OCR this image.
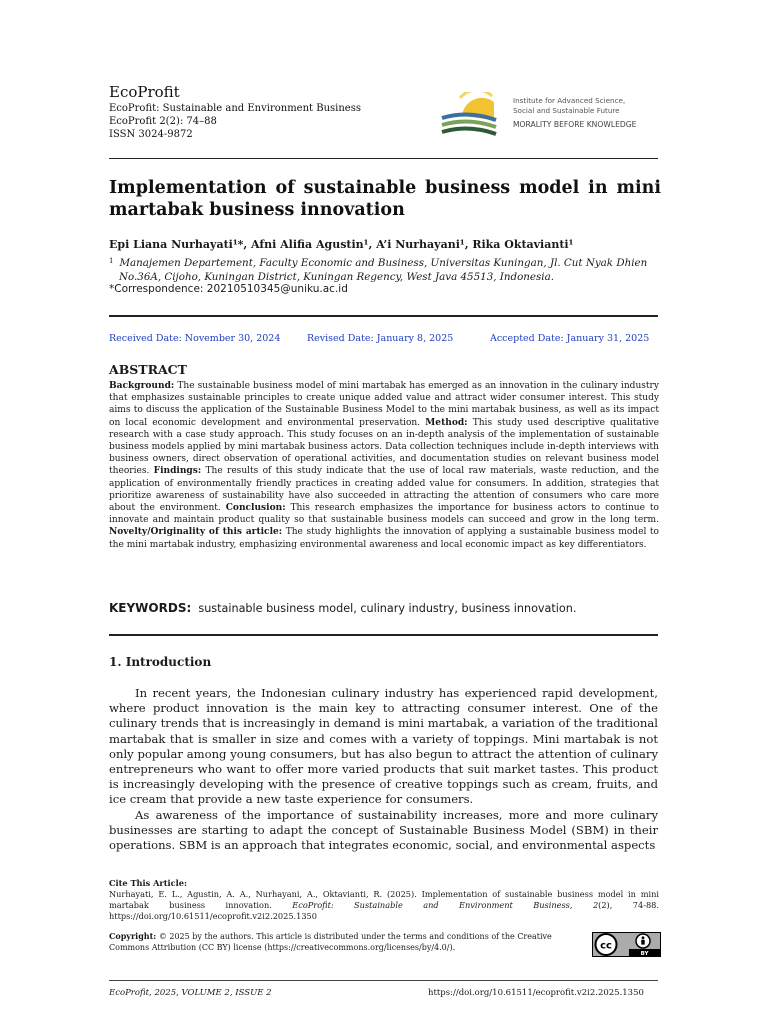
EcoProfit
EcoProfit: Sustainable and Environment Business
EcoProfit 2(2): 74–88
ISSN 3024-9872
Institute for Advanced Science,
Social and Sustainable Future
MORALITY BEFORE KNOWLEDGE
Implementation of sustainable business model in mini martabak business innovation
Epi Liana Nurhayati¹*, Afni Alifia Agustin¹, A’i Nurhayani¹, Rika Oktavianti¹
$^1$ Manajemen Departement, Faculty Economic and Business, Universitas Kuningan, Jl. Cut Nyak Dhien
No.36A, Cijoho, Kuningan District, Kuningan Regency, West Java 45513, Indonesia.
*Correspondence: 20210510345@uniku.ac.id
Received Date: November 30, 2024	Revised Date: January 8, 2025	Accepted Date: January 31, 2025
ABSTRACT
Background: The sustainable business model of mini martabak has emerged as an innovation in the culinary industry that emphasizes sustainable principles to create unique added value and attract wider consumer interest. This study aims to discuss the application of the Sustainable Business Model to the mini martabak business, as well as its impact on local economic development and environmental preservation. Method: This study used descriptive qualitative research with a case study approach. This study focuses on an in-depth analysis of the implementation of sustainable business models applied by mini martabak business actors. Data collection techniques include in-depth interviews with business owners, direct observation of operational activities, and documentation studies on relevant business model theories. Findings: The results of this study indicate that the use of local raw materials, waste reduction, and the application of environmentally friendly practices in creating added value for consumers. In addition, strategies that prioritize awareness of sustainability have also succeeded in attracting the attention of consumers who care more about the environment. Conclusion: This research emphasizes the importance for business actors to continue to innovate and maintain product quality so that sustainable business models can succeed and grow in the long term. Novelty/Originality of this article: The study highlights the innovation of applying a sustainable business model to the mini martabak industry, emphasizing environmental awareness and local economic impact as key differentiators.
KEYWORDS: sustainable business model, culinary industry, business innovation.
1. Introduction

In recent years, the Indonesian culinary industry has experienced rapid development, where product innovation is the main key to attracting consumer interest. One of the culinary trends that is increasingly in demand is mini martabak, a variation of the traditional martabak that is smaller in size and comes with a variety of toppings. Mini martabak is not only popular among young consumers, but has also begun to attract the attention of culinary entrepreneurs who want to offer more varied products that suit market tastes. This product is increasingly developing with the presence of creative toppings such as cream, fruits, and ice cream that provide a new taste experience for consumers.

As awareness of the importance of sustainability increases, more and more culinary businesses are starting to adapt the concept of Sustainable Business Model (SBM) in their operations. SBM is an approach that integrates economic, social, and environmental aspects

Cite This Article:
Nurhayati, E. L., Agustin, A. A., Nurhayani, A., Oktavianti, R. (2025). Implementation of sustainable business model in mini martabak business innovation. EcoProfit: Sustainable and Environment Business, 2(2), 74-88. https://doi.org/10.61511/ecoprofit.v2i2.2025.1350
Copyright: © 2025 by the authors. This article is distributed under the terms and conditions of the Creative Commons Attribution (CC BY) license (https://creativecommons.org/licenses/by/4.0/).	cc
BY
EcoProfit, 2025, VOLUME 2, ISSUE 2	https://doi.org/10.61511/ecoprofit.v2i2.2025.1350
